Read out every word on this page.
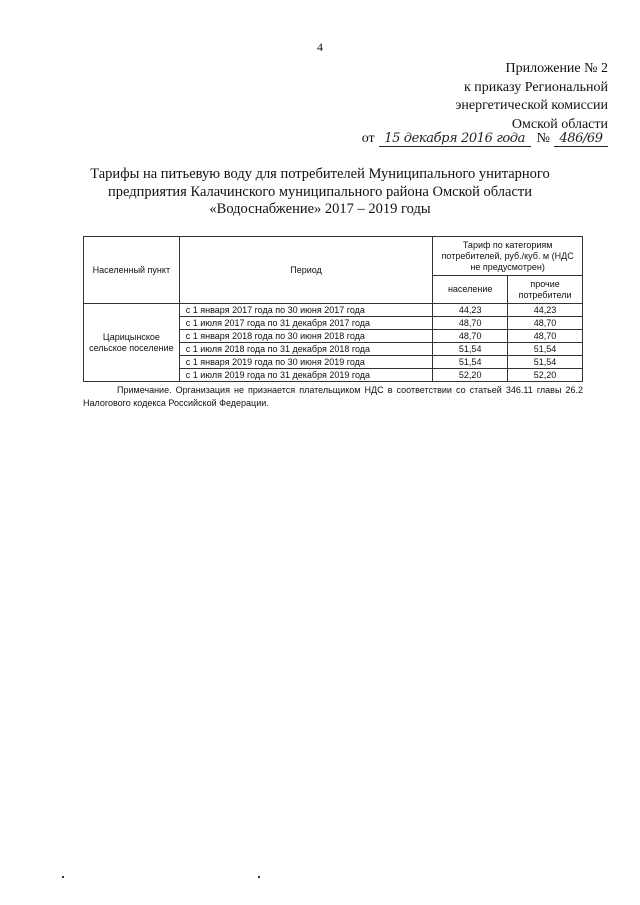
4
Приложение № 2
к приказу Региональной
энергетической комиссии
Омской области
от 15 декабря 2016 года № 486/69
Тарифы на питьевую воду для потребителей Муниципального унитарного
предприятия Калачинского муниципального района Омской области
«Водоснабжение» 2017 – 2019 годы
Населенный пункт	Период	Тариф по категориям потребителей, руб./куб. м (НДС не предусмотрен)	
		население	прочие потребители
Царицынское сельское поселение	с 1 января 2017 года по 30 июня 2017 года	44,23	44,23
	с 1 июля 2017 года по 31 декабря 2017 года	48,70	48,70
	с 1 января 2018 года по 30 июня 2018 года	48,70	48,70
	с 1 июля 2018 года по 31 декабря 2018 года	51,54	51,54
	с 1 января 2019 года по 30 июня 2019 года	51,54	51,54
	с 1 июля 2019 года по 31 декабря 2019 года	52,20	52,20
Примечание. Организация не признается плательщиком НДС в соответствии со статьей 346.11 главы 26.2 Налогового кодекса Российской Федерации.
